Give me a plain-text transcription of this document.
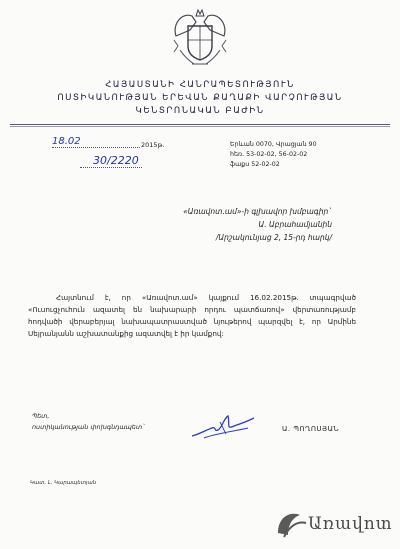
ՀԱՅԱՍՏԱՆԻ ՀԱՆՐԱՊԵՏՈՒԹՅՈՒՆ
ՈՍՏԻԿԱՆՈՒԹՅԱՆ ԵՐԵՎԱՆ ՔԱՂԱՔԻ ՎԱՐՉՈՒԹՅԱՆ
ԿԵՆՏՐՈՆԱԿԱՆ ԲԱԺԻՆ
18.02	2015թ.
30/2220
Երևան 0070, Վրացյան 90
հեռ. 53-02-02, 56-02-02
ֆաքս 52-02-02
«Առավոտ.ամ»-ի գլխավոր խմբագիր`
Ա. Աբրահամյանին
/Արշակունյաց 2, 15-րդ հարկ/
Հայտնում է, որ «Առավոտ.ամ» կայքում 16.02.2015թ. տպագրված «Ուսուցչուհուն ազատել են նախարարի որդու պատճառով» վերտառությամբ հոդվածի վերաբերյալ նախապատրաստված նյութերով պարզվել է, որ Արմինե Սեյրանյանն աշխատանքից ազատվել է իր կամքով:
Պետ,
ոստիկանության փոխգնդապետ`	Ա. ՊՈՂՈՍՅԱՆ
Կատ. Լ. Կարապետյան
Առավոտ
